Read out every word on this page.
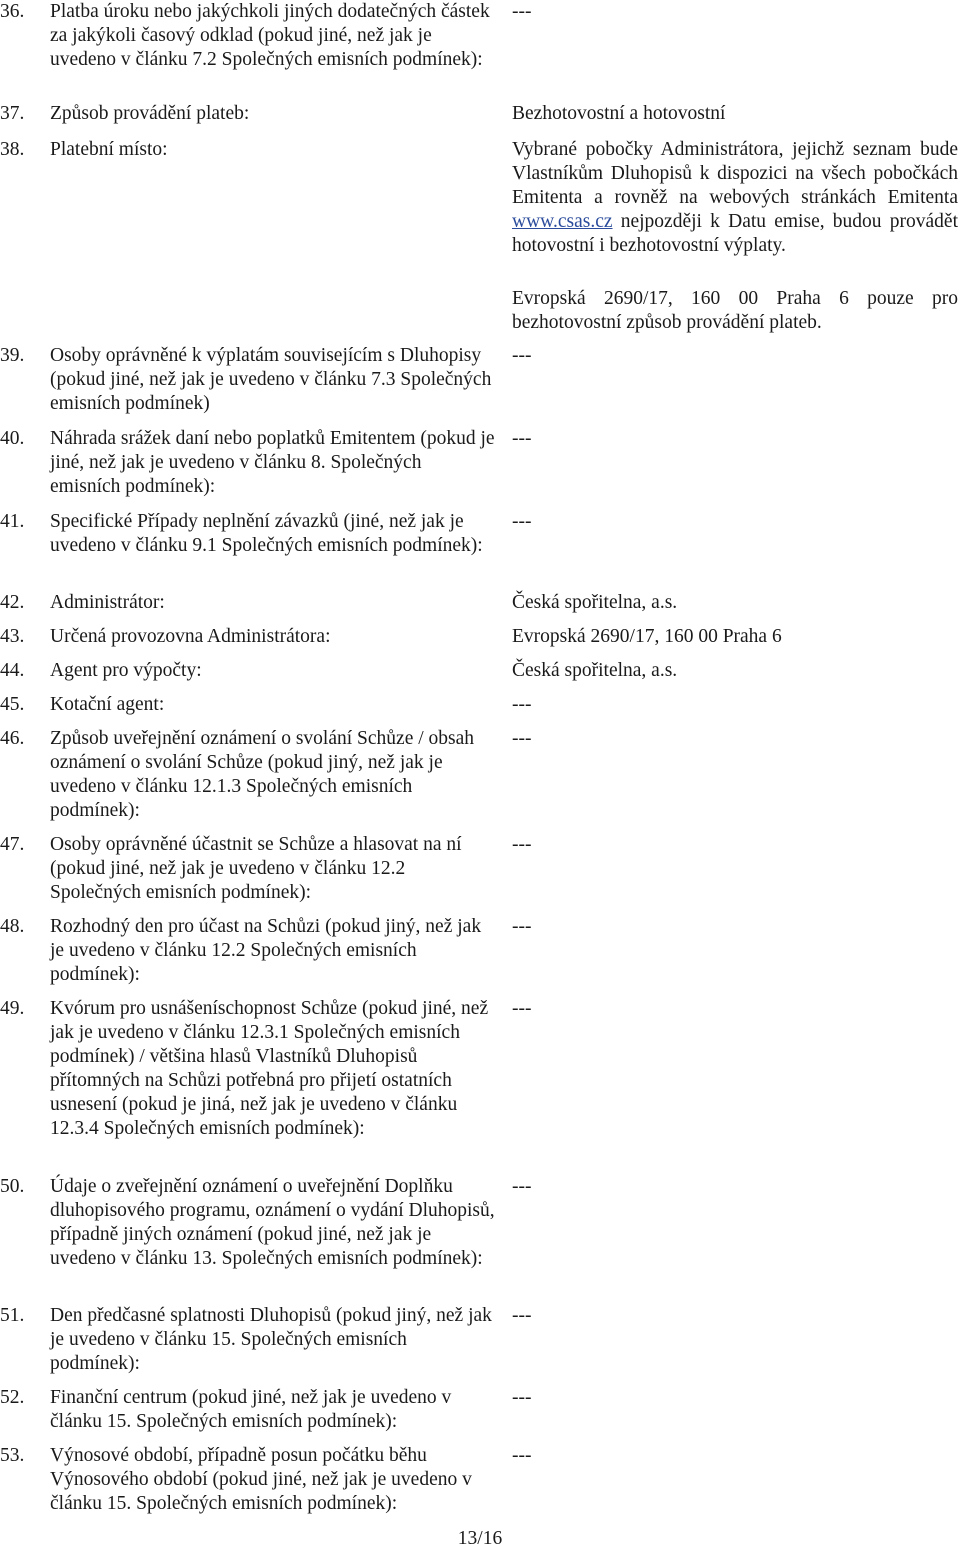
36.	Platba úroku nebo jakýchkoli jiných dodatečných částek za jakýkoli časový odklad (pokud jiné, než jak je uvedeno v článku 7.2 Společných emisních podmínek):
---
37.	Způsob provádění plateb:	Bezhotovostní a hotovostní
38.	Platební místo:	Vybrané pobočky Administrátora, jejichž seznam bude Vlastníkům Dluhopisů k dispozici na všech pobočkách Emitenta a rovněž na webových stránkách Emitenta www.csas.cz nejpozději k Datu emise, budou provádět hotovostní i bezhotovostní výplaty.
Evropská 2690/17, 160 00 Praha 6 pouze pro bezhotovostní způsob provádění plateb.
39.	Osoby oprávněné k výplatám souvisejícím s Dluhopisy (pokud jiné, než jak je uvedeno v článku 7.3 Společných emisních podmínek)
---
40.	Náhrada srážek daní nebo poplatků Emitentem (pokud je jiné, než jak je uvedeno v článku 8. Společných emisních podmínek):
---
41.	Specifické Případy neplnění závazků (jiné, než jak je uvedeno v článku 9.1 Společných emisních podmínek):
---
42.	Administrátor:	Česká spořitelna, a.s.
43.	Určená provozovna Administrátora:	Evropská 2690/17, 160 00 Praha 6
44.	Agent pro výpočty:	Česká spořitelna, a.s.
45.	Kotační agent:	---
46.	Způsob uveřejnění oznámení o svolání Schůze / obsah oznámení o svolání Schůze (pokud jiný, než jak je uvedeno v článku 12.1.3 Společných emisních podmínek):
---
47.	Osoby oprávněné účastnit se Schůze a hlasovat na ní (pokud jiné, než jak je uvedeno v článku 12.2 Společných emisních podmínek):
---
48.	Rozhodný den pro účast na Schůzi (pokud jiný, než jak je uvedeno v článku 12.2 Společných emisních podmínek):
---
49.	Kvórum pro usnášeníschopnost Schůze (pokud jiné, než jak je uvedeno v článku 12.3.1 Společných emisních podmínek) / většina hlasů Vlastníků Dluhopisů přítomných na Schůzi potřebná pro přijetí ostatních usnesení (pokud je jiná, než jak je uvedeno v článku 12.3.4 Společných emisních podmínek):
---
50.	Údaje o zveřejnění oznámení o uveřejnění Doplňku dluhopisového programu, oznámení o vydání Dluhopisů, případně jiných oznámení (pokud jiné, než jak je uvedeno v článku 13. Společných emisních podmínek):
---
51.	Den předčasné splatnosti Dluhopisů (pokud jiný, než jak je uvedeno v článku 15. Společných emisních podmínek):
---
52.	Finanční centrum (pokud jiné, než jak je uvedeno v článku 15. Společných emisních podmínek):
---
53.	Výnosové období, případně posun počátku běhu Výnosového období (pokud jiné, než jak je uvedeno v článku 15. Společných emisních podmínek):
---
13/16
